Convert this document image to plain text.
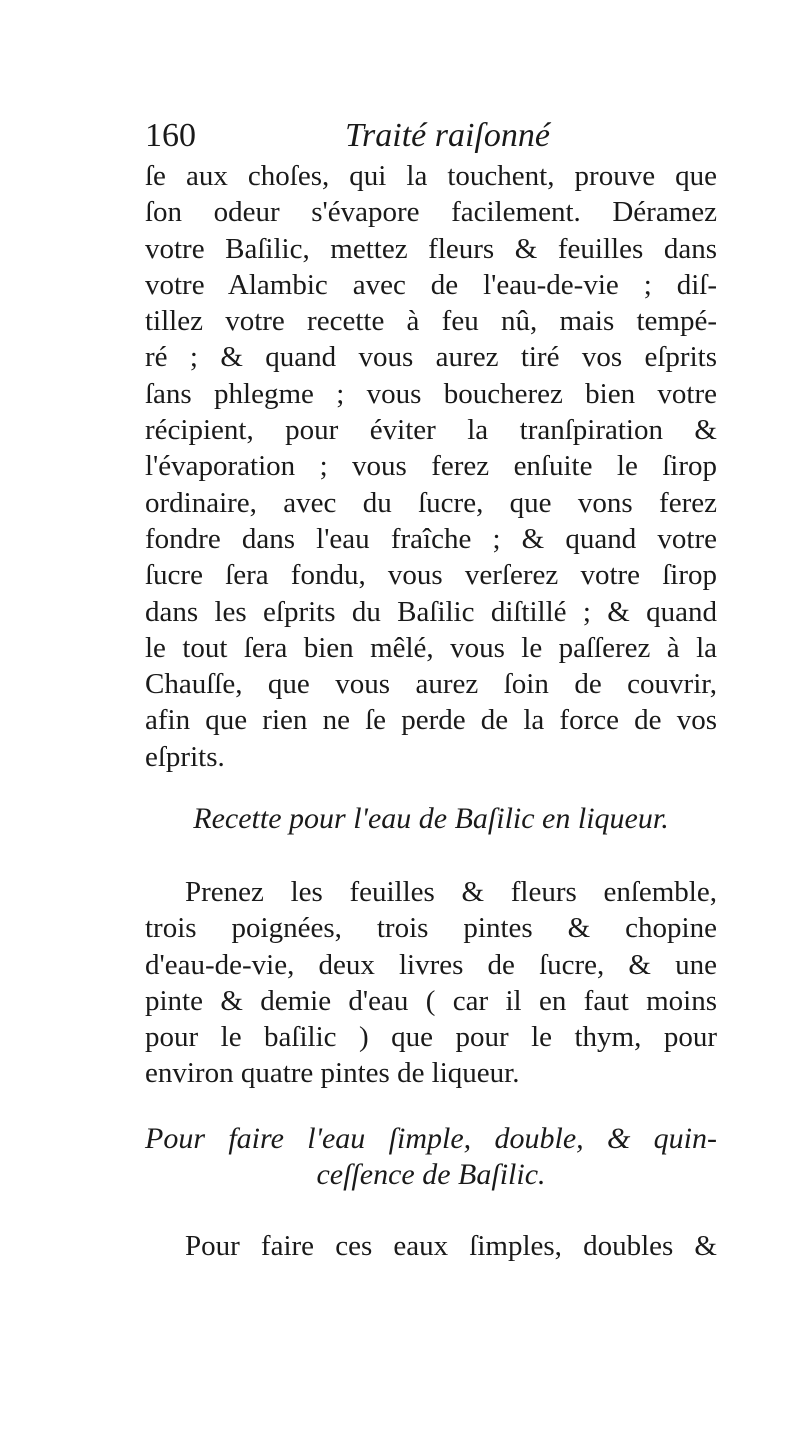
160	Traité raiſonné
ſe aux choſes, qui la touchent, prouve que
ſon odeur s'évapore facilement. Déramez
votre Baſilic, mettez fleurs & feuilles dans
votre Alambic avec de l'eau-de-vie ; diſ-
tillez votre recette à feu nû, mais tempé-
ré ; & quand vous aurez tiré vos eſprits
ſans phlegme ; vous boucherez bien votre
récipient, pour éviter la tranſpiration &
l'évaporation ; vous ferez enſuite le ſirop
ordinaire, avec du ſucre, que vons ferez
fondre dans l'eau fraîche ; & quand votre
ſucre ſera fondu, vous verſerez votre ſirop
dans les eſprits du Baſilic diſtillé ; & quand
le tout ſera bien mêlé, vous le paſſerez à la
Chauſſe, que vous aurez ſoin de couvrir,
afin que rien ne ſe perde de la force de vos
eſprits.
Recette pour l'eau de Baſilic en liqueur.
Prenez les feuilles & fleurs enſemble,
trois poignées, trois pintes & chopine
d'eau-de-vie, deux livres de ſucre, & une
pinte & demie d'eau ( car il en faut moins
pour le baſilic ) que pour le thym, pour
environ quatre pintes de liqueur.
Pour faire l'eau ſimple, double, & quin-
ceſſence de Baſilic.
Pour faire ces eaux ſimples, doubles &
